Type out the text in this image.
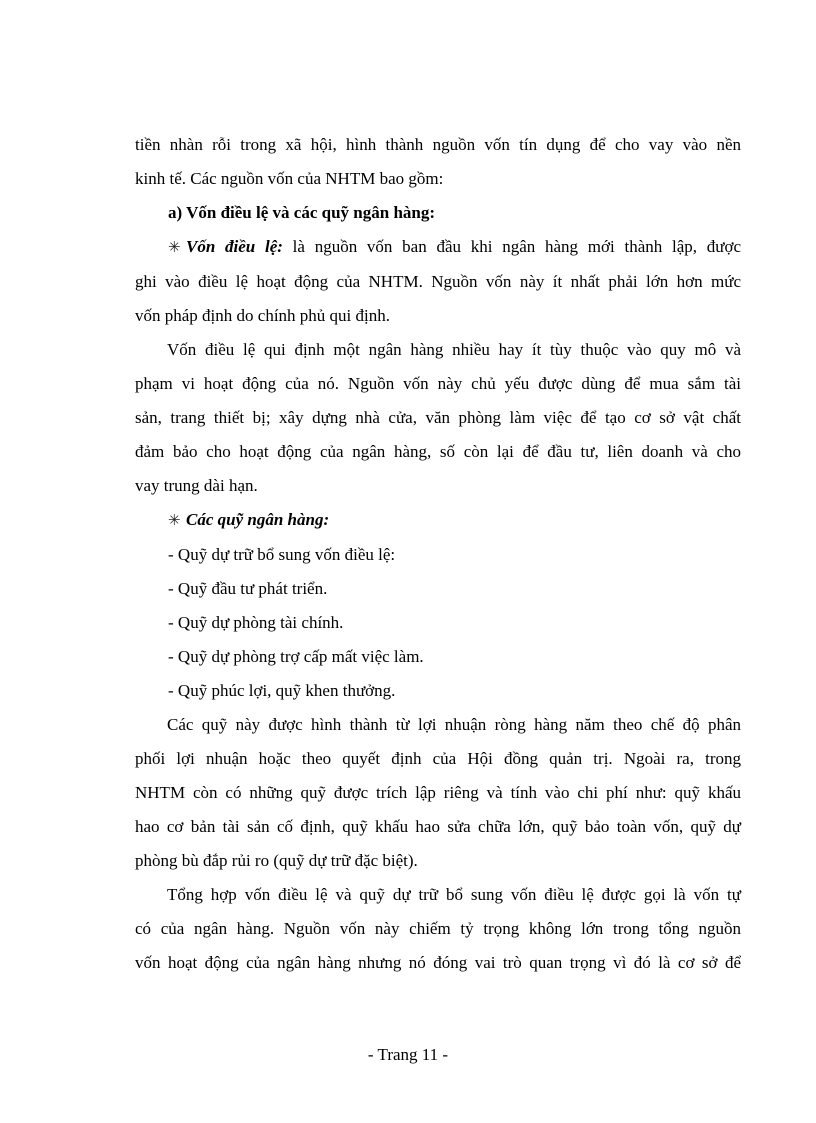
tiền nhàn rỗi trong xã hội, hình thành nguồn vốn tín dụng để cho vay vào nền

kinh tế. Các nguồn vốn của NHTM bao gồm:

a) Vốn điều lệ và các quỹ ngân hàng:

✳ Vốn điều lệ: là nguồn vốn ban đầu khi ngân hàng mới thành lập, được

ghi vào điều lệ hoạt động của NHTM. Nguồn vốn này ít nhất phải lớn hơn mức

vốn pháp định do chính phủ qui định.

Vốn điều lệ qui định một ngân hàng nhiều hay ít tùy thuộc vào quy mô và

phạm vi hoạt động của nó. Nguồn vốn này chủ yếu được dùng để mua sắm tài

sản, trang thiết bị; xây dựng nhà cửa, văn phòng làm việc để tạo cơ sở vật chất

đảm bảo cho hoạt động của ngân hàng, số còn lại để đầu tư, liên doanh và cho

vay trung dài hạn.

✳ Các quỹ ngân hàng:

- Quỹ dự trữ bổ sung vốn điều lệ:

- Quỹ đầu tư phát triển.

- Quỹ dự phòng tài chính.

- Quỹ dự phòng trợ cấp mất việc làm.

- Quỹ phúc lợi, quỹ khen thưởng.

Các quỹ này được hình thành từ lợi nhuận ròng hàng năm theo chế độ phân

phối lợi nhuận hoặc theo quyết định của Hội đồng quản trị. Ngoài ra, trong

NHTM còn có những quỹ được trích lập riêng và tính vào chi phí như: quỹ khấu

hao cơ bản tài sản cố định, quỹ khấu hao sửa chữa lớn, quỹ bảo toàn vốn, quỹ dự

phòng bù đắp rủi ro (quỹ dự trữ đặc biệt).

Tổng hợp vốn điều lệ và quỹ dự trữ bổ sung vốn điều lệ được gọi là vốn tự

có của ngân hàng. Nguồn vốn này chiếm tỷ trọng không lớn trong tổng nguồn

vốn hoạt động của ngân hàng nhưng nó đóng vai trò quan trọng vì đó là cơ sở để

- Trang 11 -
